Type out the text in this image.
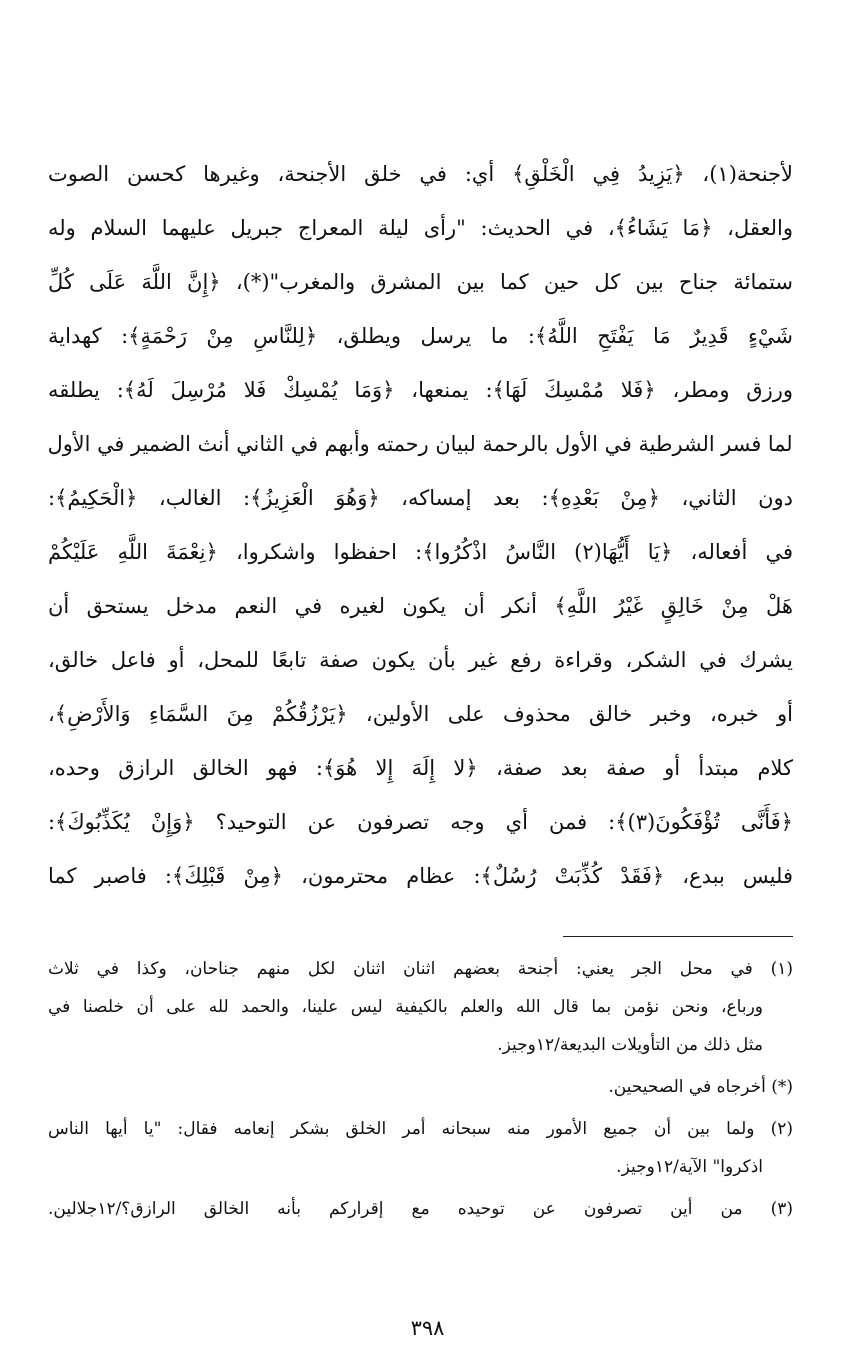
لأجنحة(١)، ﴿يَزِيدُ فِي الْخَلْقِ﴾ أي: في خلق الأجنحة، وغيرها كحسن الصوت
والعقل، ﴿مَا يَشَاءُ﴾، في الحديث: "رأى ليلة المعراج جبريل عليهما السلام وله
ستمائة جناح بين كل حين كما بين المشرق والمغرب"(*)، ﴿إِنَّ اللَّهَ عَلَى كُلِّ
شَيْءٍ قَدِيرٌ مَا يَفْتَحِ اللَّهُ﴾: ما يرسل ويطلق، ﴿لِلنَّاسِ مِنْ رَحْمَةٍ﴾: كهداية
ورزق ومطر، ﴿فَلا مُمْسِكَ لَهَا﴾: يمنعها، ﴿وَمَا يُمْسِكْ فَلا مُرْسِلَ لَهُ﴾: يطلقه
لما فسر الشرطية في الأول بالرحمة لبيان رحمته وأبهم في الثاني أنث الضمير في الأول
دون الثاني، ﴿مِنْ بَعْدِهِ﴾: بعد إمساكه، ﴿وَهُوَ الْعَزِيزُ﴾: الغالب، ﴿الْحَكِيمُ﴾:
في أفعاله، ﴿يَا أَيُّهَا(٢) النَّاسُ اذْكُرُوا﴾: احفظوا واشكروا، ﴿نِعْمَةَ اللَّهِ عَلَيْكُمْ
هَلْ مِنْ خَالِقٍ غَيْرُ اللَّهِ﴾ أنكر أن يكون لغيره في النعم مدخل يستحق أن
يشرك في الشكر، وقراءة رفع غير بأن يكون صفة تابعًا للمحل، أو فاعل خالق،
أو خبره، وخبر خالق محذوف على الأولين، ﴿يَرْزُقُكُمْ مِنَ السَّمَاءِ وَالأَرْضِ﴾،
كلام مبتدأ أو صفة بعد صفة، ﴿لا إِلَهَ إِلا هُوَ﴾: فهو الخالق الرازق وحده،
﴿فَأَنَّى تُؤْفَكُونَ(٣)﴾: فمن أي وجه تصرفون عن التوحيد؟ ﴿وَإِنْ يُكَذِّبُوكَ﴾:
فليس ببدع، ﴿فَقَدْ كُذِّبَتْ رُسُلٌ﴾: عظام محترمون، ﴿مِنْ قَبْلِكَ﴾: فاصبر كما
(١) في محل الجر يعني: أجنحة بعضهم اثنان اثنان لكل منهم جناحان، وكذا في ثلاث
ورباع، ونحن نؤمن بما قال الله والعلم بالكيفية ليس علينا، والحمد لله على أن خلصنا في
مثل ذلك من التأويلات البديعة/١٢وجيز.
(*) أخرجاه في الصحيحين.
(٢) ولما بين أن جميع الأمور منه سبحانه أمر الخلق بشكر إنعامه فقال: "يا أيها الناس
اذكروا" الآية/١٢وجيز.
(٣) من أين تصرفون عن توحيده مع إقراركم بأنه الخالق الرازق؟/١٢جلالين.
٣٩٨
